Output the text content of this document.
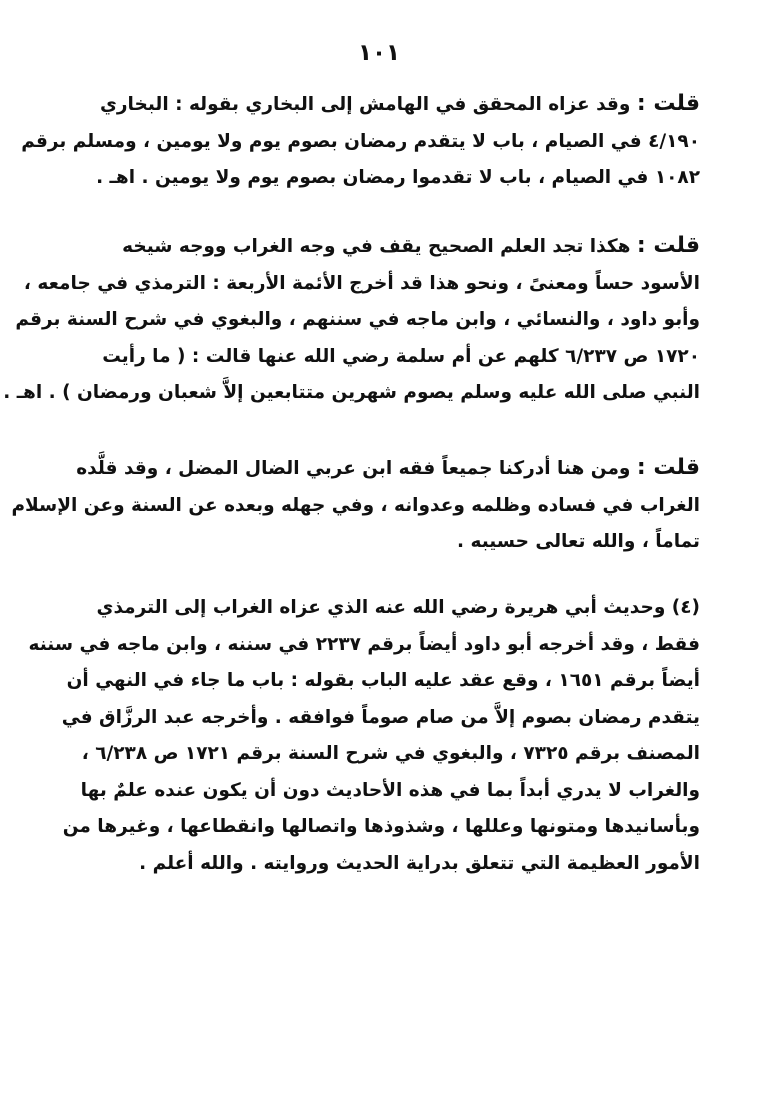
١٠١
قلت : وقد عزاه المحقق في الهامش إلى البخاري بقوله : البخاري
٤/١٩٠ في الصيام ، باب لا يتقدم رمضان بصوم يوم ولا يومين ، ومسلم برقم
١٠٨٢ في الصيام ، باب لا تقدموا رمضان بصوم يوم ولا يومين . اهـ .
قلت : هكذا تجد العلم الصحيح يقف في وجه الغراب ووجه شيخه
الأسود حساً ومعنىً ، ونحو هذا قد أخرج الأئمة الأربعة : الترمذي في جامعه ،
وأبو داود ، والنسائي ، وابن ماجه في سننهم ، والبغوي في شرح السنة برقم
١٧٢٠ ص ٦/٢٣٧ كلهم عن أم سلمة رضي الله عنها قالت : ( ما رأيت
النبي صلى الله عليه وسلم يصوم شهرين متتابعين إلاَّ شعبان ورمضان ) . اهـ .
قلت : ومن هنا أدركنا جميعاً فقه ابن عربي الضال المضل ، وقد قلَّده
الغراب في فساده وظلمه وعدوانه ، وفي جهله وبعده عن السنة وعن الإسلام
تماماً ، والله تعالى حسيبه .
(٤) وحديث أبي هريرة رضي الله عنه الذي عزاه الغراب إلى الترمذي
فقط ، وقد أخرجه أبو داود أيضاً برقم ٢٢٣٧ في سننه ، وابن ماجه في سننه
أيضاً برقم ١٦٥١ ، وقع عقد عليه الباب بقوله : باب ما جاء في النهي أن
يتقدم رمضان بصوم إلاَّ من صام صوماً فوافقه . وأخرجه عبد الرزَّاق في
المصنف برقم ٧٣٢٥ ، والبغوي في شرح السنة برقم ١٧٢١ ص ٦/٢٣٨ ،
والغراب لا يدري أبداً بما في هذه الأحاديث دون أن يكون عنده علمٌ بها
وبأسانيدها ومتونها وعللها ، وشذوذها واتصالها وانقطاعها ، وغيرها من
الأمور العظيمة التي تتعلق بدراية الحديث وروايته . والله أعلم .
